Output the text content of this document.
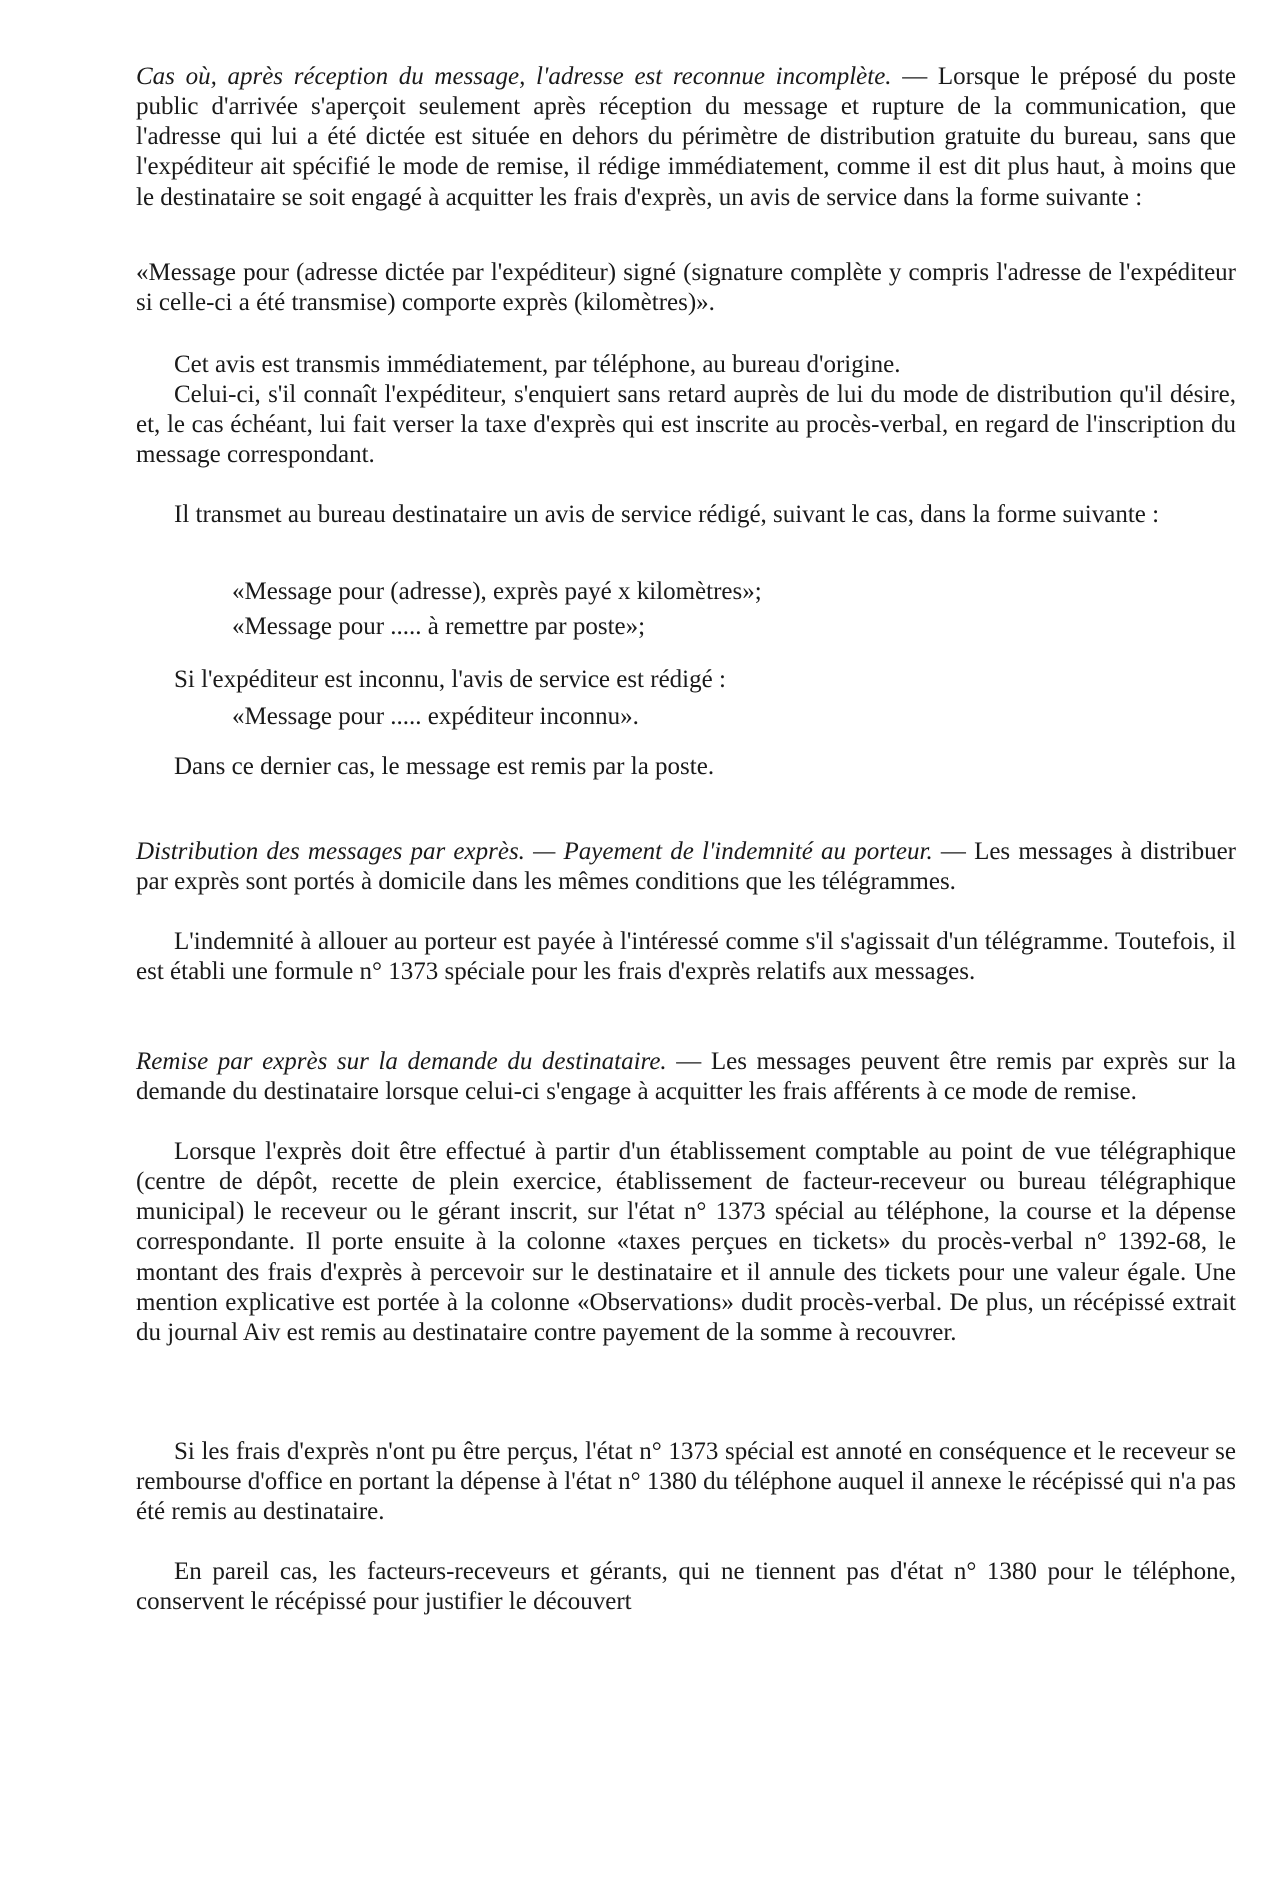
Cas où, après réception du message, l'adresse est reconnue incomplète. — Lorsque le préposé du poste public d'arrivée s'aperçoit seulement après réception du message et rupture de la communication, que l'adresse qui lui a été dictée est située en dehors du périmètre de distribution gratuite du bureau, sans que l'expéditeur ait spécifié le mode de remise, il rédige immédiatement, comme il est dit plus haut, à moins que le destinataire se soit engagé à acquitter les frais d'exprès, un avis de service dans la forme suivante :

«Message pour (adresse dictée par l'expéditeur) signé (signature complète y compris l'adresse de l'expéditeur si celle-ci a été transmise) comporte exprès (kilomètres)».

Cet avis est transmis immédiatement, par téléphone, au bureau d'origine.

Celui-ci, s'il connaît l'expéditeur, s'enquiert sans retard auprès de lui du mode de distribution qu'il désire, et, le cas échéant, lui fait verser la taxe d'exprès qui est inscrite au procès-verbal, en regard de l'inscription du message correspondant.

Il transmet au bureau destinataire un avis de service rédigé, suivant le cas, dans la forme suivante :

«Message pour (adresse), exprès payé x kilomètres»;

«Message pour ..... à remettre par poste»;

Si l'expéditeur est inconnu, l'avis de service est rédigé :

«Message pour ..... expéditeur inconnu».

Dans ce dernier cas, le message est remis par la poste.

Distribution des messages par exprès. — Payement de l'indemnité au porteur. — Les messages à distribuer par exprès sont portés à domicile dans les mêmes conditions que les télégrammes.

L'indemnité à allouer au porteur est payée à l'intéressé comme s'il s'agissait d'un télégramme. Toutefois, il est établi une formule n° 1373 spéciale pour les frais d'exprès relatifs aux messages.

Remise par exprès sur la demande du destinataire. — Les messages peuvent être remis par exprès sur la demande du destinataire lorsque celui-ci s'engage à acquitter les frais afférents à ce mode de remise.

Lorsque l'exprès doit être effectué à partir d'un établissement comptable au point de vue télégraphique (centre de dépôt, recette de plein exercice, établissement de facteur-receveur ou bureau télégraphique municipal) le receveur ou le gérant inscrit, sur l'état n° 1373 spécial au téléphone, la course et la dépense correspondante. Il porte ensuite à la colonne «taxes perçues en tickets» du procès-verbal n° 1392-68, le montant des frais d'exprès à percevoir sur le destinataire et il annule des tickets pour une valeur égale. Une mention explicative est portée à la colonne «Observations» dudit procès-verbal. De plus, un récépissé extrait du journal Aiv est remis au destinataire contre payement de la somme à recouvrer.

Si les frais d'exprès n'ont pu être perçus, l'état n° 1373 spécial est annoté en conséquence et le receveur se rembourse d'office en portant la dépense à l'état n° 1380 du téléphone auquel il annexe le récépissé qui n'a pas été remis au destinataire.

En pareil cas, les facteurs-receveurs et gérants, qui ne tiennent pas d'état n° 1380 pour le téléphone, conservent le récépissé pour justifier le découvert
